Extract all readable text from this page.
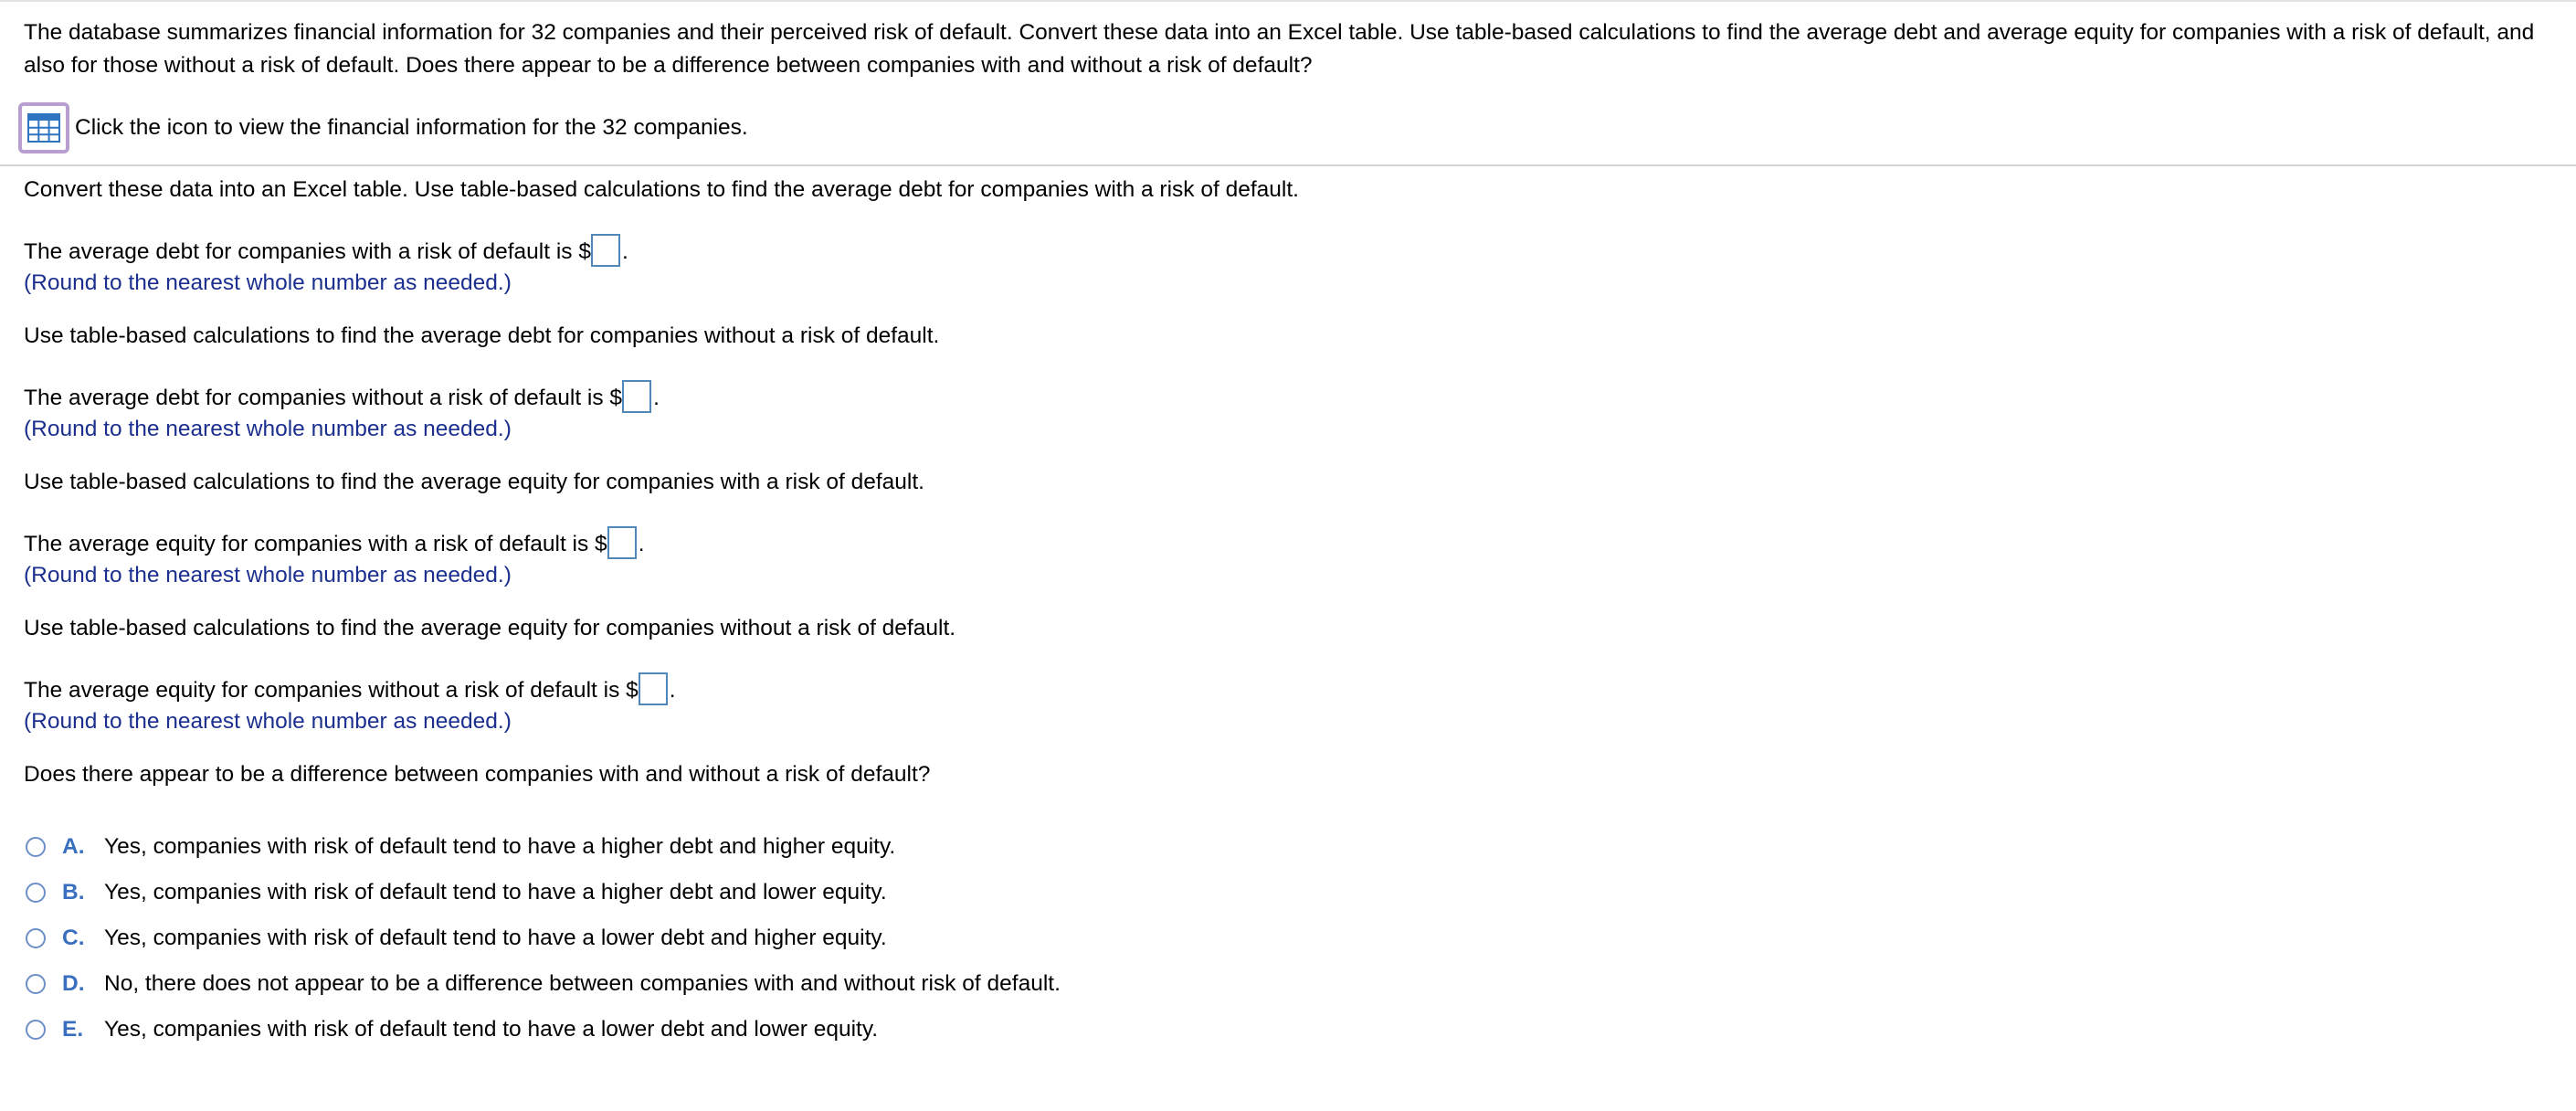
The database summarizes financial information for 32 companies and their perceived risk of default. Convert these data into an Excel table. Use table-based calculations to find the average debt and average equity for companies with a risk of default, and also for those without a risk of default. Does there appear to be a difference between companies with and without a risk of default?
Click the icon to view the financial information for the 32 companies.
Convert these data into an Excel table. Use table-based calculations to find the average debt for companies with a risk of default.
The average debt for companies with a risk of default is $ .
(Round to the nearest whole number as needed.)
Use table-based calculations to find the average debt for companies without a risk of default.
The average debt for companies without a risk of default is $ .
(Round to the nearest whole number as needed.)
Use table-based calculations to find the average equity for companies with a risk of default.
The average equity for companies with a risk of default is $ .
(Round to the nearest whole number as needed.)
Use table-based calculations to find the average equity for companies without a risk of default.
The average equity for companies without a risk of default is $ .
(Round to the nearest whole number as needed.)
Does there appear to be a difference between companies with and without a risk of default?
A. Yes, companies with risk of default tend to have a higher debt and higher equity.
B. Yes, companies with risk of default tend to have a higher debt and lower equity.
C. Yes, companies with risk of default tend to have a lower debt and higher equity.
D. No, there does not appear to be a difference between companies with and without risk of default.
E. Yes, companies with risk of default tend to have a lower debt and lower equity.
